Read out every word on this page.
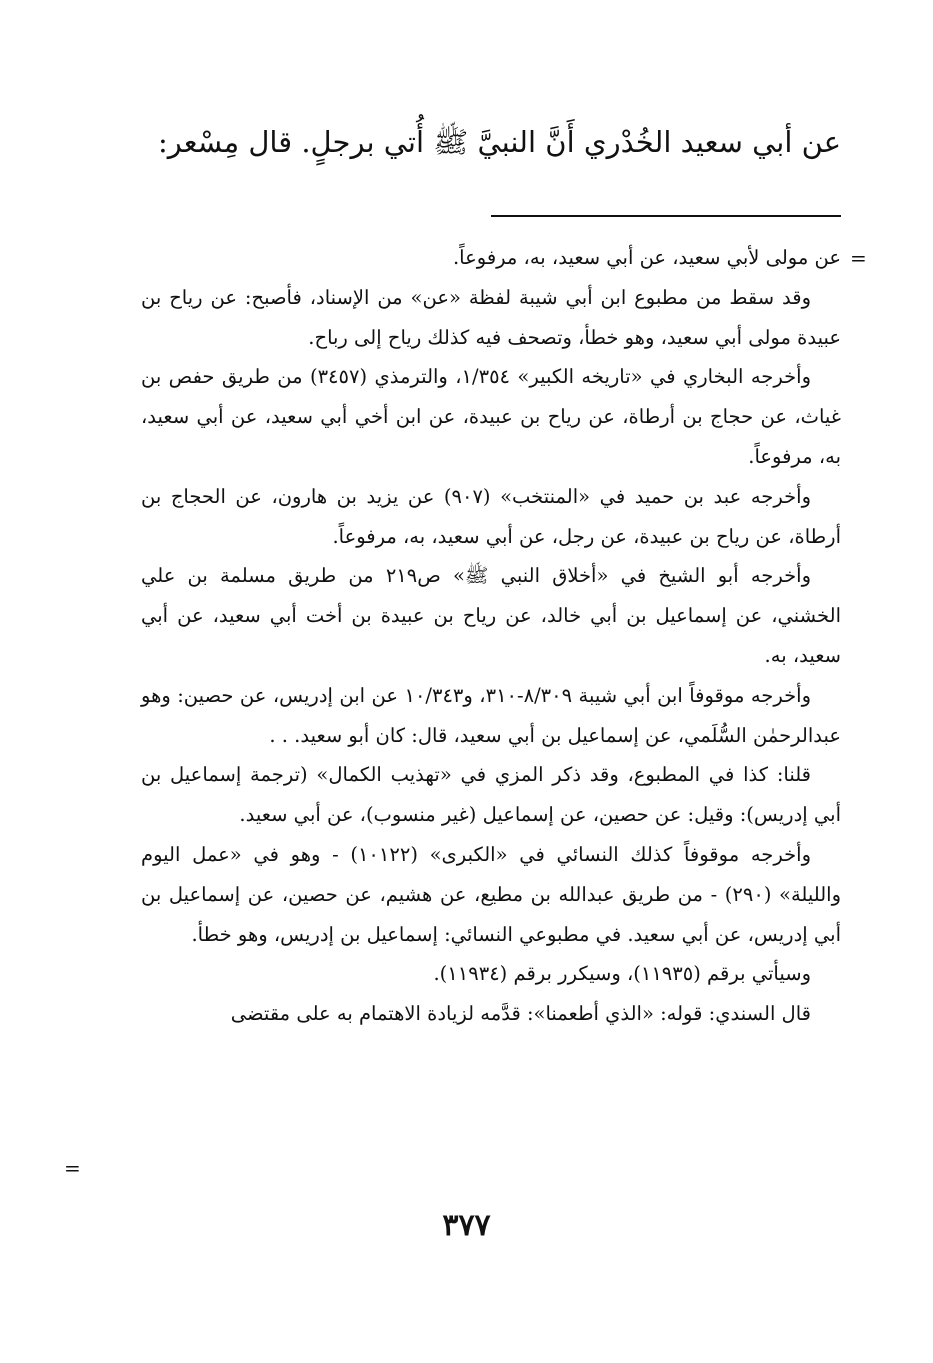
عن أبي سعيد الخُدْري أَنَّ النبيَّ ﷺ أُتي برجلٍ. قال مِسْعر:
=

عن مولى لأبي سعيد، عن أبي سعيد، به، مرفوعاً.

وقد سقط من مطبوع ابن أبي شيبة لفظة «عن» من الإسناد، فأصبح: عن رياح بن عبيدة مولى أبي سعيد، وهو خطأ، وتصحف فيه كذلك رياح إلى رباح.

وأخرجه البخاري في «تاريخه الكبير» ١/٣٥٤، والترمذي (٣٤٥٧) من طريق حفص بن غياث، عن حجاج بن أرطاة، عن رياح بن عبيدة، عن ابن أخي أبي سعيد، عن أبي سعيد، به، مرفوعاً.

وأخرجه عبد بن حميد في «المنتخب» (٩٠٧) عن يزيد بن هارون، عن الحجاج بن أرطاة، عن رياح بن عبيدة، عن رجل، عن أبي سعيد، به، مرفوعاً.

وأخرجه أبو الشيخ في «أخلاق النبي ﷺ» ص٢١٩ من طريق مسلمة بن علي الخشني، عن إسماعيل بن أبي خالد، عن رياح بن عبيدة بن أخت أبي سعيد، عن أبي سعيد، به.

وأخرجه موقوفاً ابن أبي شيبة ٨/٣٠٩-٣١٠، و١٠/٣٤٣ عن ابن إدريس، عن حصين: وهو عبدالرحمٰن السُّلَمي، عن إسماعيل بن أبي سعيد، قال: كان أبو سعيد. . .

قلنا: كذا في المطبوع، وقد ذكر المزي في «تهذيب الكمال» (ترجمة إسماعيل بن أبي إدريس): وقيل: عن حصين، عن إسماعيل (غير منسوب)، عن أبي سعيد.

وأخرجه موقوفاً كذلك النسائي في «الكبرى» (١٠١٢٢) - وهو في «عمل اليوم والليلة» (٢٩٠) - من طريق عبدالله بن مطيع، عن هشيم، عن حصين، عن إسماعيل بن أبي إدريس، عن أبي سعيد. في مطبوعي النسائي: إسماعيل بن إدريس، وهو خطأ.

وسيأتي برقم (١١٩٣٥)، وسيكرر برقم (١١٩٣٤).

قال السندي: قوله: «الذي أطعمنا»: قدَّمه لزيادة الاهتمام به على مقتضى

=
٣٧٧
